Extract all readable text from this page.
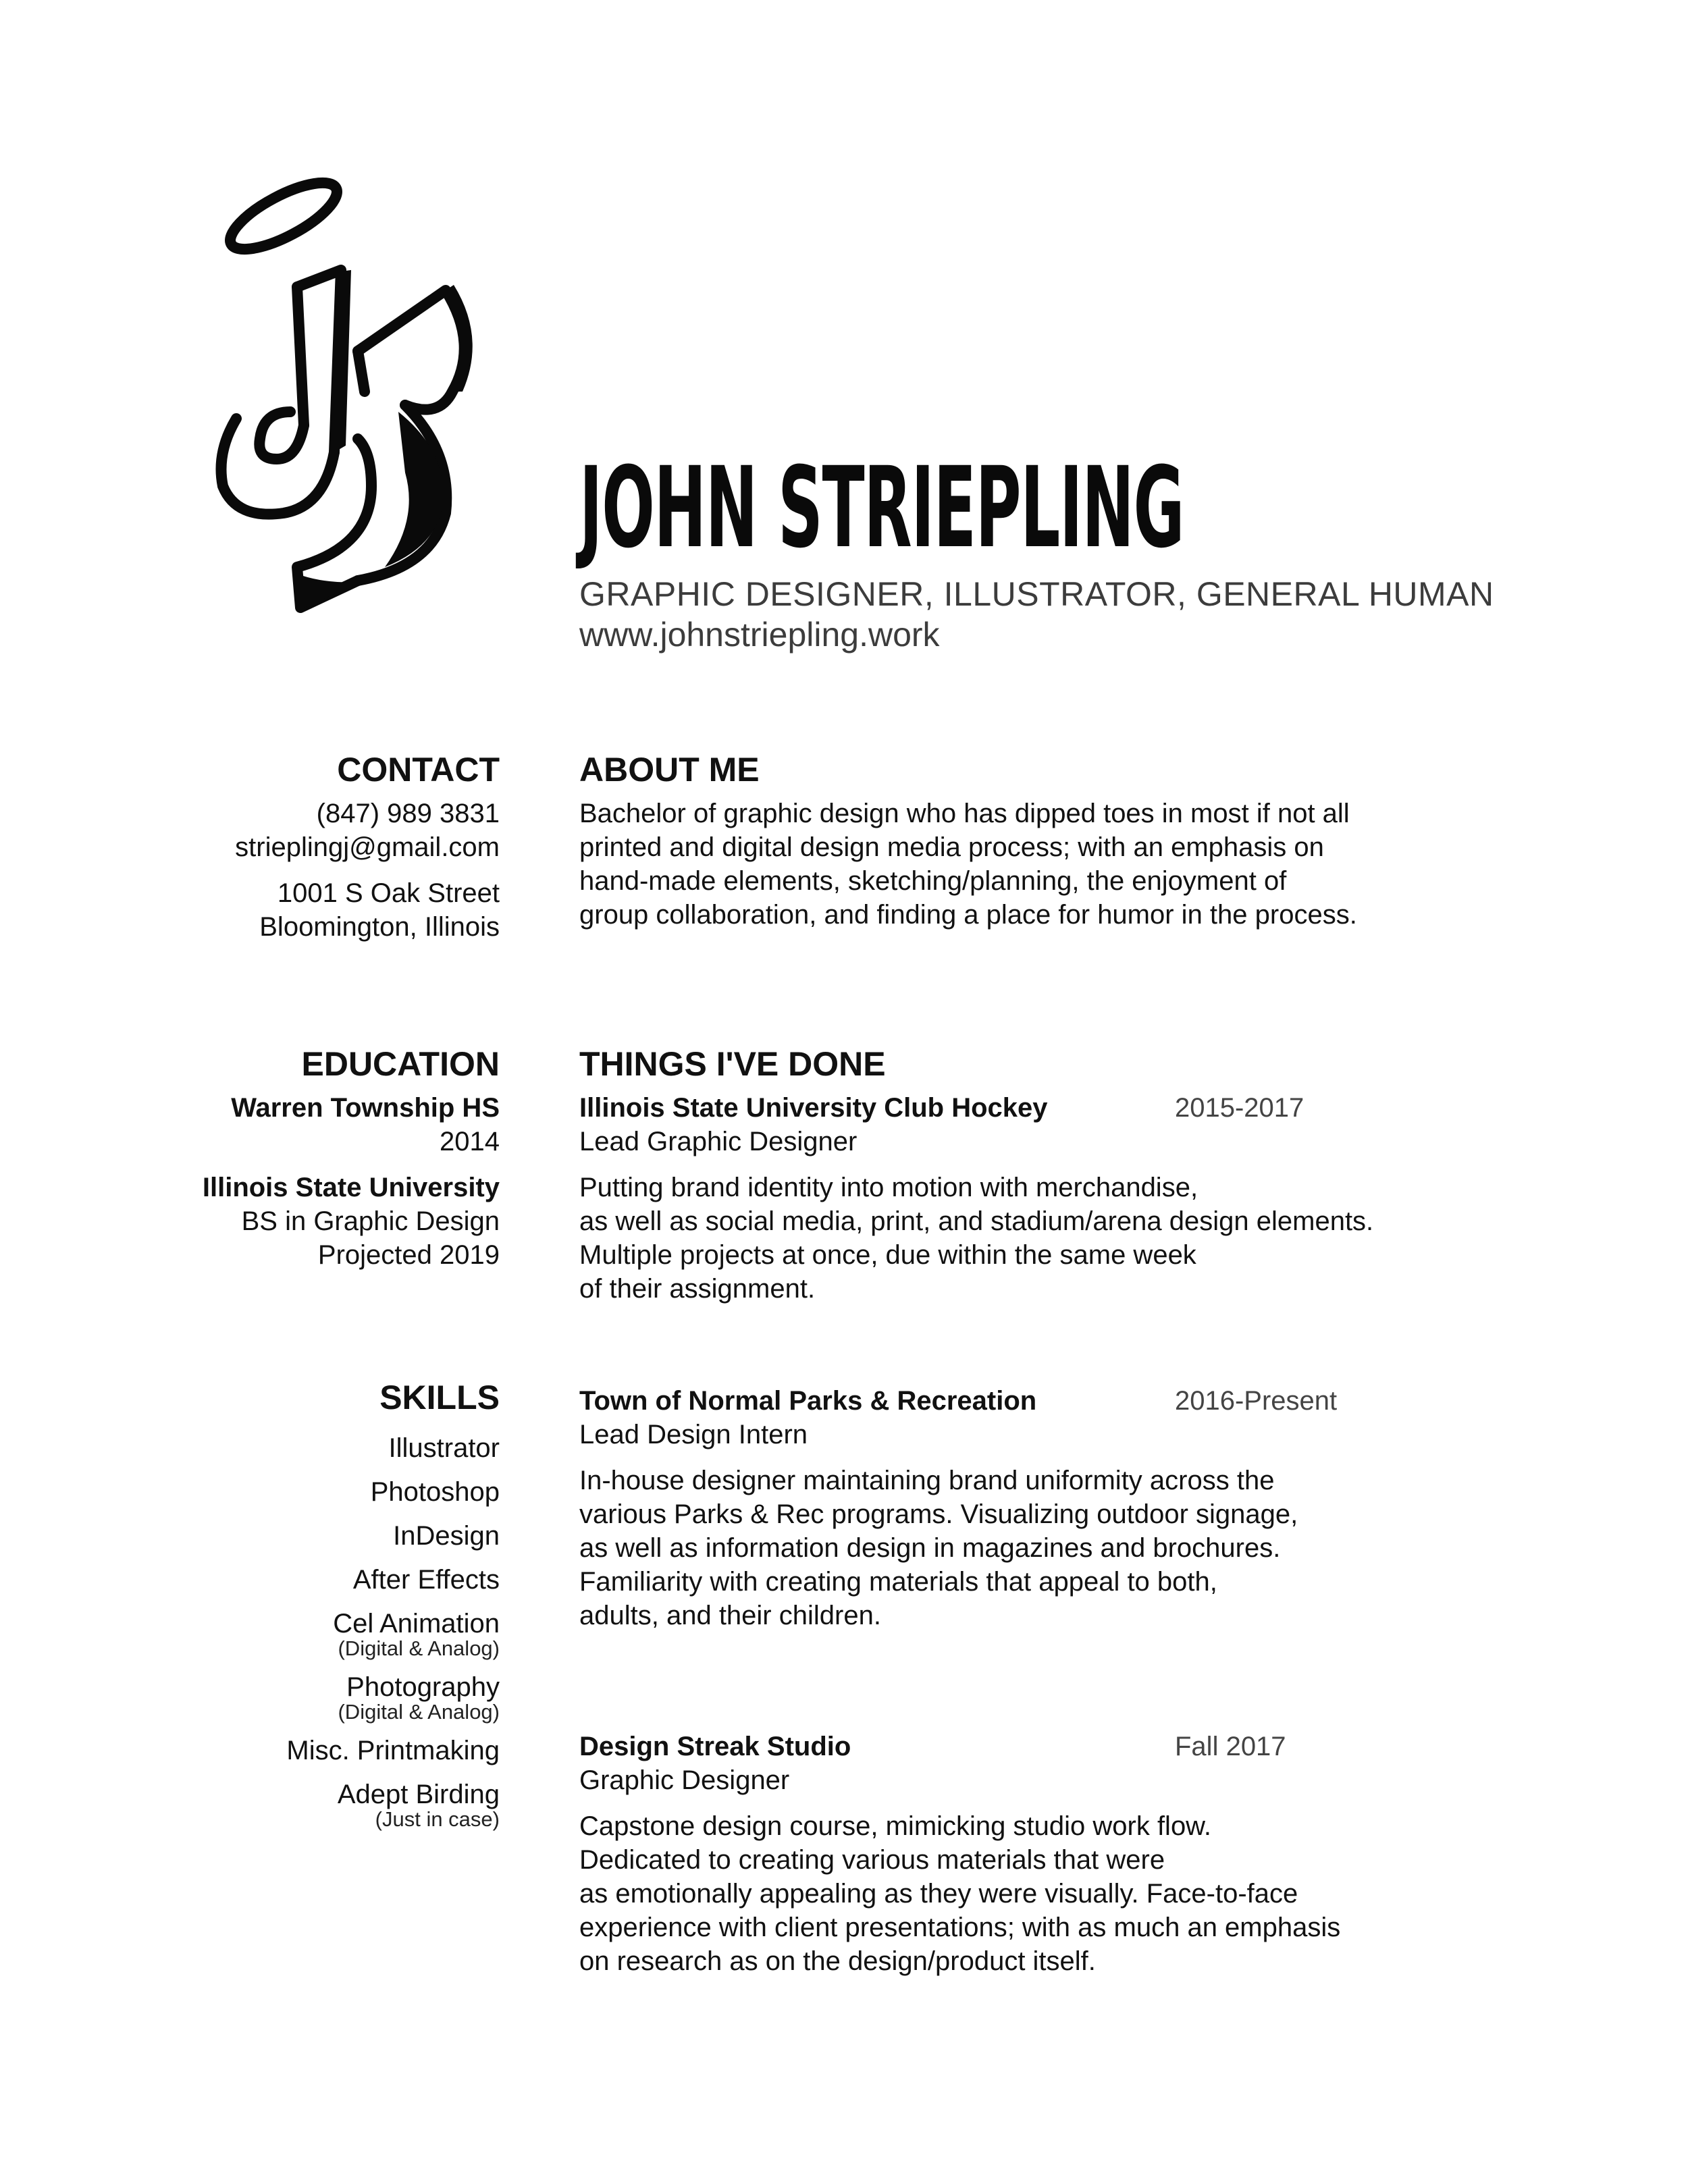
JOHN STRIEPLING
GRAPHIC DESIGNER, ILLUSTRATOR, GENERAL HUMAN
www.johnstriepling.work
CONTACT
(847) 989 3831
strieplingj@gmail.com
1001 S Oak Street
Bloomington, Illinois
ABOUT ME
Bachelor of graphic design who has dipped toes in most if not all
printed and digital design media process; with an emphasis on
hand-made elements, sketching/planning, the enjoyment of
group collaboration, and finding a place for humor in the process.
EDUCATION
Warren Township HS
2014
Illinois State University
BS in Graphic Design
Projected 2019
THINGS I'VE DONE
Illinois State University Club Hockey	2015-2017
Lead Graphic Designer
Putting brand identity into motion with merchandise,
as well as social media, print, and stadium/arena design elements.
Multiple projects at once, due within the same week
of their assignment.
Town of Normal Parks & Recreation	2016-Present
Lead Design Intern
In-house designer maintaining brand uniformity across the
various Parks & Rec programs. Visualizing outdoor signage,
as well as information design in magazines and brochures.
Familiarity with creating materials that appeal to both,
adults, and their children.
Design Streak Studio	Fall 2017
Graphic Designer
Capstone design course, mimicking studio work flow.
Dedicated to creating various materials that were
as emotionally appealing as they were visually. Face-to-face
experience with client presentations; with as much an emphasis
on research as on the design/product itself.
SKILLS
Illustrator
Photoshop
InDesign
After Effects
Cel Animation
(Digital & Analog)
Photography
(Digital & Analog)
Misc. Printmaking
Adept Birding
(Just in case)
